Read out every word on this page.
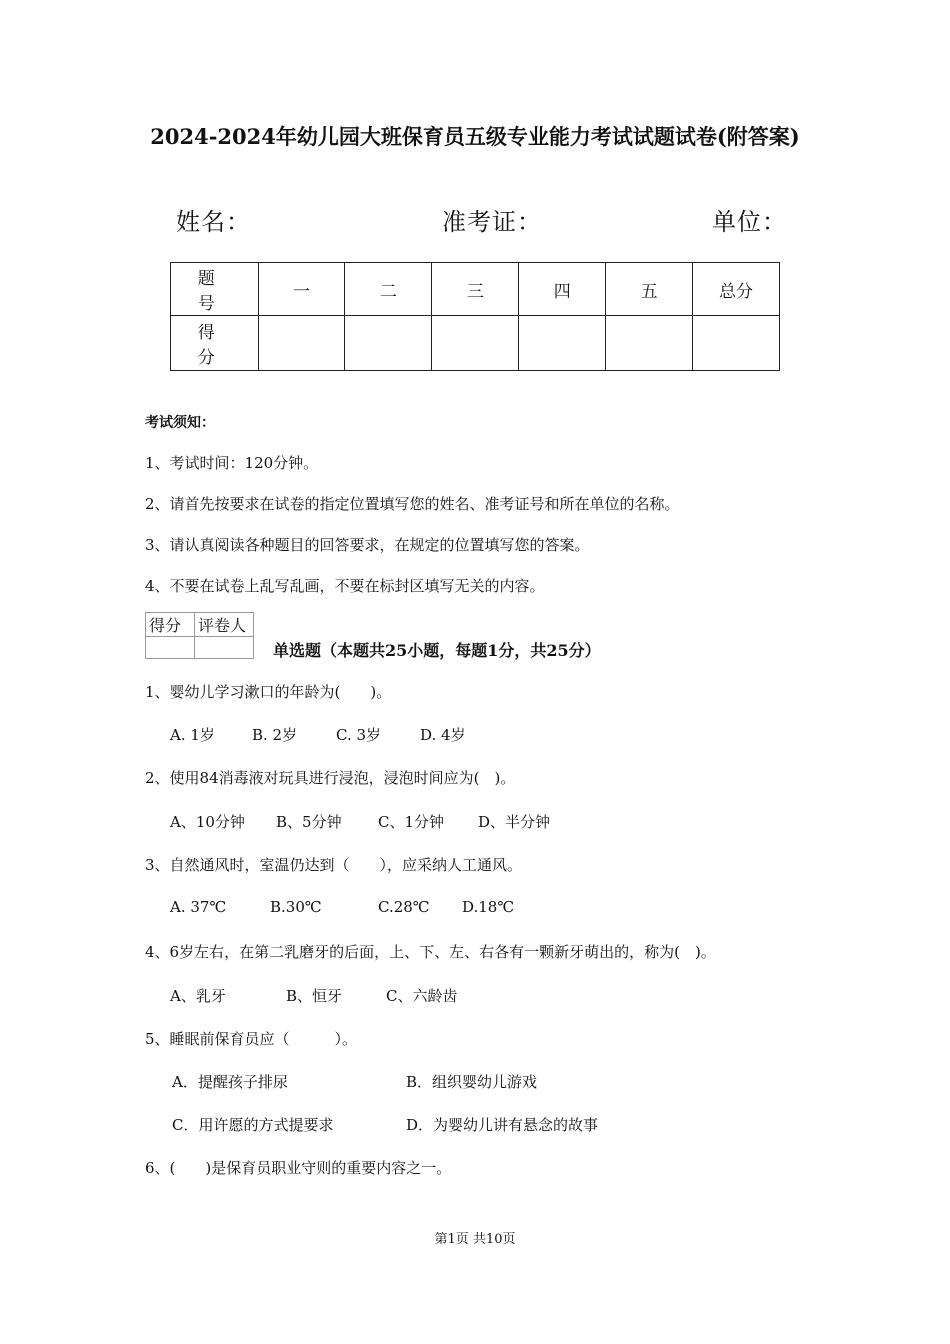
2024-2024年幼儿园大班保育员五级专业能力考试试题试卷(附答案)
姓名：	准考证：	单位：
题 号	一	二	三	四	五	总分
得 分						
考试须知：
1、考试时间：120分钟。
2、请首先按要求在试卷的指定位置填写您的姓名、准考证号和所在单位的名称。
3、请认真阅读各种题目的回答要求，在规定的位置填写您的答案。
4、不要在试卷上乱写乱画，不要在标封区填写无关的内容。
得分	评卷人

单选题（本题共25小题，每题1分，共25分）
1、婴幼儿学习漱口的年龄为(　　)。
A. 1岁 B. 2岁	C. 3岁	D. 4岁
2、使用84消毒液对玩具进行浸泡，浸泡时间应为(　)。
A、10分钟 B、5分钟 C、1分钟 D、半分钟
3、自然通风时，室温仍达到（　　），应采纳人工通风。
A. 37℃	B.30℃	C.28℃ D.18℃
4、6岁左右，在第二乳磨牙的后面，上、下、左、右各有一颗新牙萌出的，称为(　)。
A、乳牙	B、恒牙	C、六龄齿
5、睡眠前保育员应（　　　）。
A．提醒孩子排尿	B．组织婴幼儿游戏
C．用许愿的方式提要求	D．为婴幼儿讲有悬念的故事
6、(　　)是保育员职业守则的重要内容之一。
第1页 共10页
